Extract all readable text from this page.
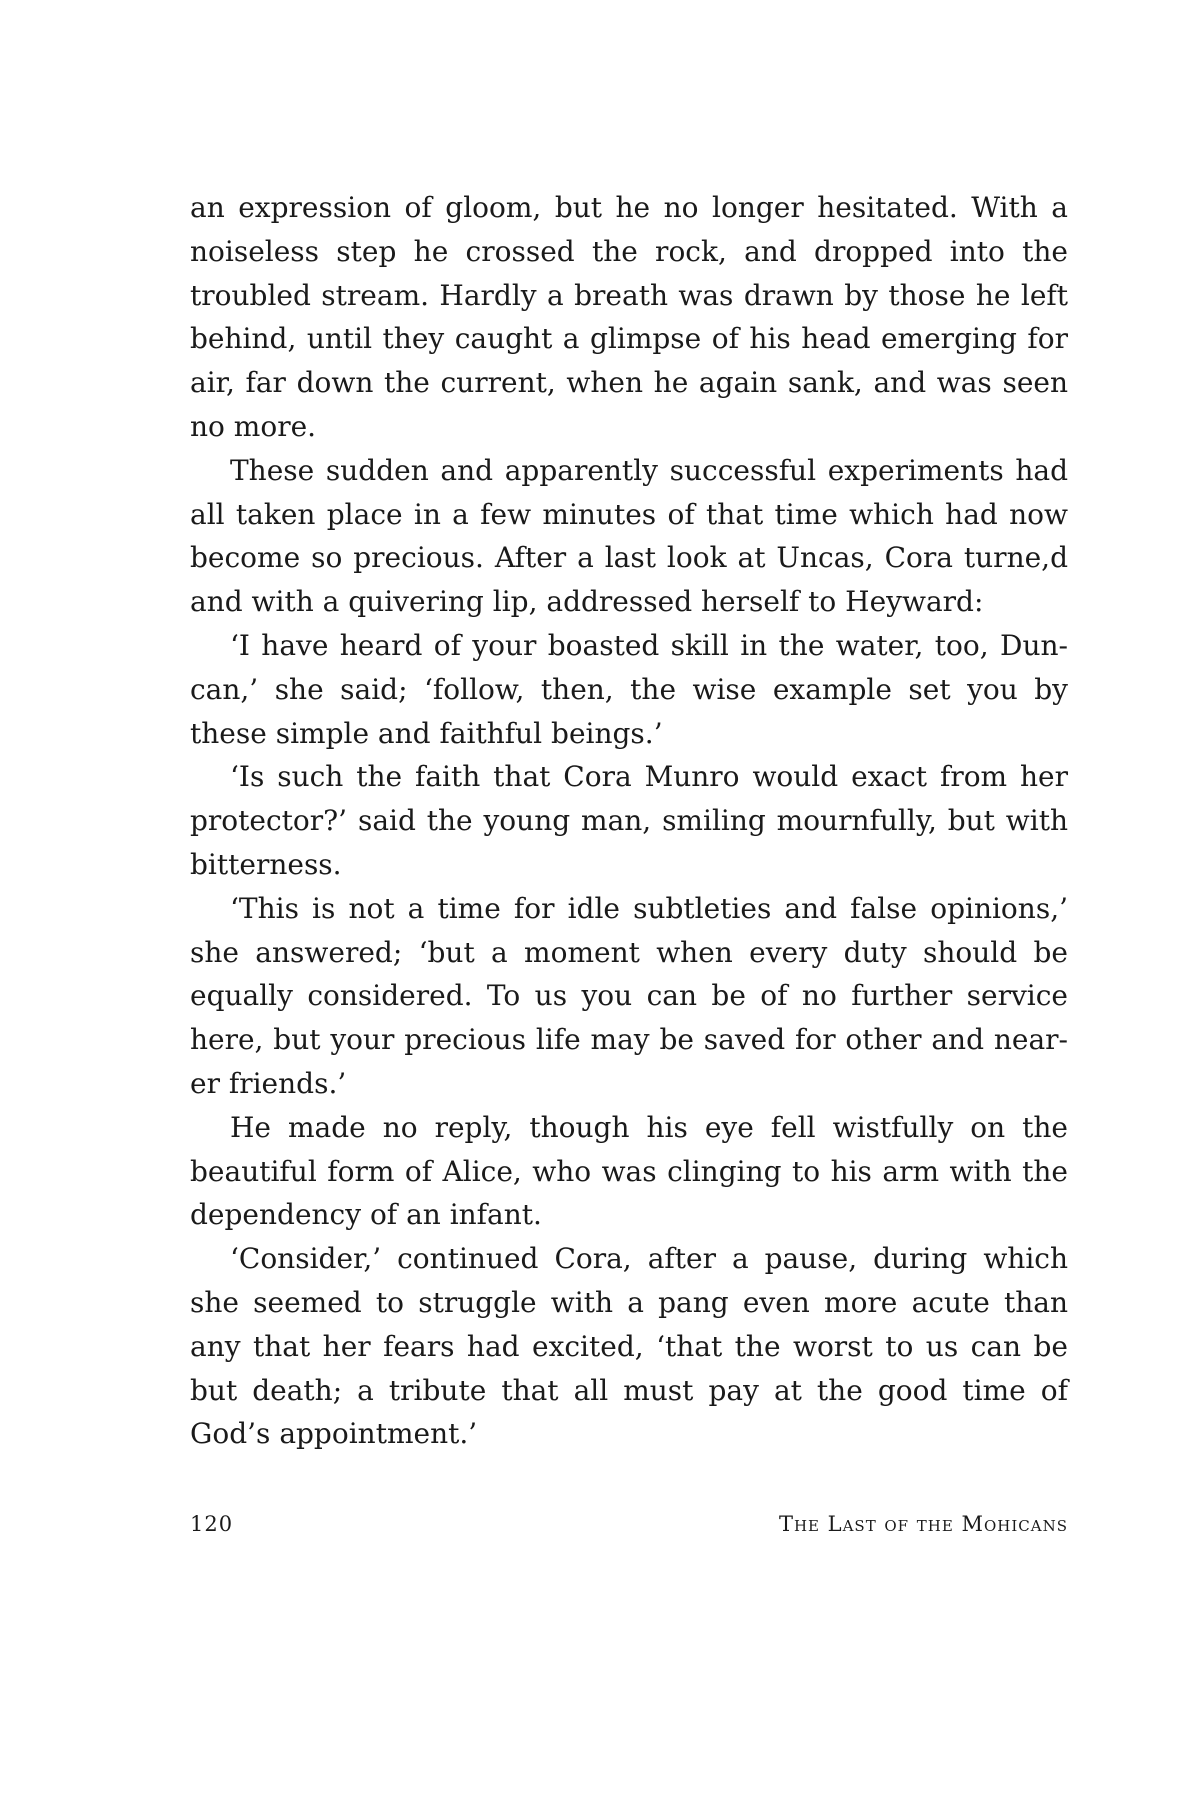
an expression of gloom, but he no longer hesitated. With a noiseless step he crossed the rock, and dropped into the troubled stream. Hardly a breath was drawn by those he left behind, until they caught a glimpse of his head emerging for air, far down the current, when he again sank, and was seen no more.

These sudden and apparently successful experiments had all taken place in a few minutes of that time which had now become so precious. After a last look at Uncas, Cora turne,d and with a quivering lip, addressed herself to Heyward:

‘I have heard of your boasted skill in the water, too, Duncan,’ she said; ‘follow, then, the wise example set you by these simple and faithful beings.’

‘Is such the faith that Cora Munro would exact from her protector?’ said the young man, smiling mournfully, but with bitterness.

‘This is not a time for idle subtleties and false opinions,’ she answered; ‘but a moment when every duty should be equally considered. To us you can be of no further service here, but your precious life may be saved for other and nearer friends.’

He made no reply, though his eye fell wistfully on the beautiful form of Alice, who was clinging to his arm with the dependency of an infant.

‘Consider,’ continued Cora, after a pause, during which she seemed to struggle with a pang even more acute than any that her fears had excited, ‘that the worst to us can be but death; a tribute that all must pay at the good time of God’s appointment.’

120	The Last of the Mohicans
